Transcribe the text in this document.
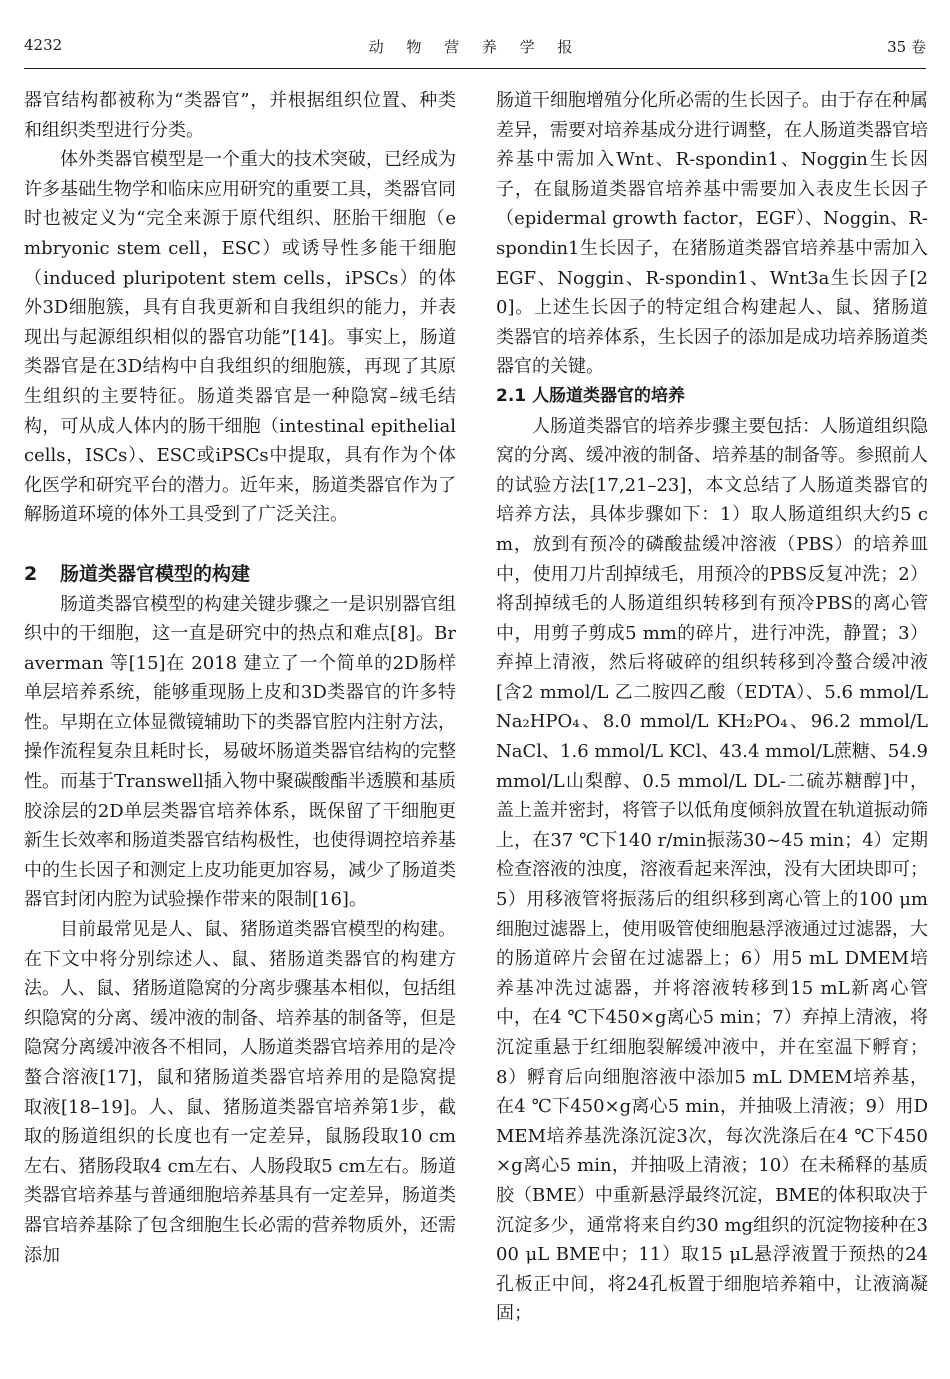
4232	动 物 营 养 学 报	35 卷

器官结构都被称为“类器官”，并根据组织位置、种类和组织类型进行分类。

体外类器官模型是一个重大的技术突破，已经成为许多基础生物学和临床应用研究的重要工具，类器官同时也被定义为“完全来源于原代组织、胚胎干细胞（embryonic stem cell，ESC）或诱导性多能干细胞（induced pluripotent stem cells，iPSCs）的体外3D细胞簇，具有自我更新和自我组织的能力，并表现出与起源组织相似的器官功能”[14]。事实上，肠道类器官是在3D结构中自我组织的细胞簇，再现了其原生组织的主要特征。肠道类器官是一种隐窝–绒毛结构，可从成人体内的肠干细胞（intestinal epithelial cells，ISCs）、ESC或iPSCs中提取，具有作为个体化医学和研究平台的潜力。近年来，肠道类器官作为了解肠道环境的体外工具受到了广泛关注。

2 肠道类器官模型的构建

肠道类器官模型的构建关键步骤之一是识别器官组织中的干细胞，这一直是研究中的热点和难点[8]。Braverman 等[15]在 2018 建立了一个简单的2D肠样单层培养系统，能够重现肠上皮和3D类器官的许多特性。早期在立体显微镜辅助下的类器官腔内注射方法，操作流程复杂且耗时长，易破坏肠道类器官结构的完整性。而基于Transwell插入物中聚碳酸酯半透膜和基质胶涂层的2D单层类器官培养体系，既保留了干细胞更新生长效率和肠道类器官结构极性，也使得调控培养基中的生长因子和测定上皮功能更加容易，减少了肠道类器官封闭内腔为试验操作带来的限制[16]。

目前最常见是人、鼠、猪肠道类器官模型的构建。在下文中将分别综述人、鼠、猪肠道类器官的构建方法。人、鼠、猪肠道隐窝的分离步骤基本相似，包括组织隐窝的分离、缓冲液的制备、培养基的制备等，但是隐窝分离缓冲液各不相同，人肠道类器官培养用的是冷螯合溶液[17]，鼠和猪肠道类器官培养用的是隐窝提取液[18–19]。人、鼠、猪肠道类器官培养第1步，截取的肠道组织的长度也有一定差异，鼠肠段取10 cm左右、猪肠段取4 cm左右、人肠段取5 cm左右。肠道类器官培养基与普通细胞培养基具有一定差异，肠道类器官培养基除了包含细胞生长必需的营养物质外，还需添加

肠道干细胞增殖分化所必需的生长因子。由于存在种属差异，需要对培养基成分进行调整，在人肠道类器官培养基中需加入Wnt、R-spondin1、Noggin生长因子，在鼠肠道类器官培养基中需要加入表皮生长因子（epidermal growth factor，EGF）、Noggin、R-spondin1生长因子，在猪肠道类器官培养基中需加入EGF、Noggin、R-spondin1、Wnt3a生长因子[20]。上述生长因子的特定组合构建起人、鼠、猪肠道类器官的培养体系，生长因子的添加是成功培养肠道类器官的关键。

2.1 人肠道类器官的培养

人肠道类器官的培养步骤主要包括：人肠道组织隐窝的分离、缓冲液的制备、培养基的制备等。参照前人的试验方法[17,21–23]，本文总结了人肠道类器官的培养方法，具体步骤如下：1）取人肠道组织大约5 cm，放到有预冷的磷酸盐缓冲溶液（PBS）的培养皿中，使用刀片刮掉绒毛，用预冷的PBS反复冲洗；2）将刮掉绒毛的人肠道组织转移到有预冷PBS的离心管中，用剪子剪成5 mm的碎片，进行冲洗，静置；3）弃掉上清液，然后将破碎的组织转移到冷螯合缓冲液[含2 mmol/L 乙二胺四乙酸（EDTA）、5.6 mmol/L Na₂HPO₄、8.0 mmol/L KH₂PO₄、96.2 mmol/L NaCl、1.6 mmol/L KCl、43.4 mmol/L蔗糖、54.9 mmol/L山梨醇、0.5 mmol/L DL-二硫苏糖醇]中，盖上盖并密封，将管子以低角度倾斜放置在轨道振动筛上，在37 ℃下140 r/min振荡30~45 min；4）定期检查溶液的浊度，溶液看起来浑浊，没有大团块即可；5）用移液管将振荡后的组织移到离心管上的100 μm细胞过滤器上，使用吸管使细胞悬浮液通过过滤器，大的肠道碎片会留在过滤器上；6）用5 mL DMEM培养基冲洗过滤器，并将溶液转移到15 mL新离心管中，在4 ℃下450×g离心5 min；7）弃掉上清液，将沉淀重悬于红细胞裂解缓冲液中，并在室温下孵育；8）孵育后向细胞溶液中添加5 mL DMEM培养基，在4 ℃下450×g离心5 min，并抽吸上清液；9）用DMEM培养基洗涤沉淀3次，每次洗涤后在4 ℃下450×g离心5 min，并抽吸上清液；10）在未稀释的基质胶（BME）中重新悬浮最终沉淀，BME的体积取决于沉淀多少，通常将来自约30 mg组织的沉淀物接种在300 μL BME中；11）取15 μL悬浮液置于预热的24孔板正中间，将24孔板置于细胞培养箱中，让液滴凝固；
